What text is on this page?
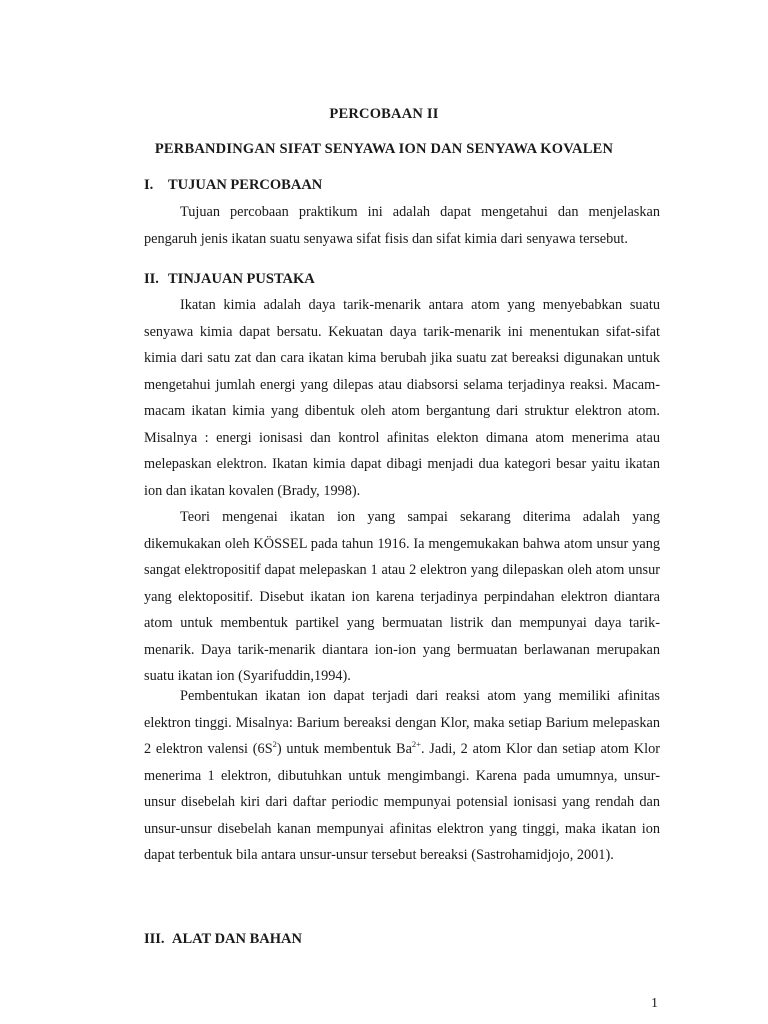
PERCOBAAN II
PERBANDINGAN SIFAT SENYAWA ION DAN SENYAWA KOVALEN
I. TUJUAN PERCOBAAN
Tujuan percobaan praktikum ini adalah dapat mengetahui dan menjelaskan pengaruh jenis ikatan suatu senyawa sifat fisis dan sifat kimia dari senyawa tersebut.
II. TINJAUAN PUSTAKA
Ikatan kimia adalah daya tarik-menarik antara atom yang menyebabkan suatu senyawa kimia dapat bersatu. Kekuatan daya tarik-menarik ini menentukan sifat-sifat kimia dari satu zat dan cara ikatan kima berubah jika suatu zat bereaksi digunakan untuk mengetahui jumlah energi yang dilepas atau diabsorsi selama terjadinya reaksi. Macam-macam ikatan kimia yang dibentuk oleh atom bergantung dari struktur elektron atom. Misalnya : energi ionisasi dan kontrol afinitas elekton dimana atom menerima atau melepaskan elektron. Ikatan kimia dapat dibagi menjadi dua kategori besar yaitu ikatan ion dan ikatan kovalen (Brady, 1998).
Teori mengenai ikatan ion yang sampai sekarang diterima adalah yang dikemukakan oleh KÖSSEL pada tahun 1916. Ia mengemukakan bahwa atom unsur yang sangat elektropositif dapat melepaskan 1 atau 2 elektron yang dilepaskan oleh atom unsur yang elektopositif. Disebut ikatan ion karena terjadinya perpindahan elektron diantara atom untuk membentuk partikel yang bermuatan listrik dan mempunyai daya tarik-menarik. Daya tarik-menarik diantara ion-ion yang bermuatan berlawanan merupakan suatu ikatan ion (Syarifuddin,1994).
Pembentukan ikatan ion dapat terjadi dari reaksi atom yang memiliki afinitas elektron tinggi. Misalnya: Barium bereaksi dengan Klor, maka setiap Barium melepaskan 2 elektron valensi $(6S^2)$ untuk membentuk $Ba^{2+}$. Jadi, 2 atom Klor dan setiap atom Klor menerima 1 elektron, dibutuhkan untuk mengimbangi. Karena pada umumnya, unsur-unsur disebelah kiri dari daftar periodic mempunyai potensial ionisasi yang rendah dan unsur-unsur disebelah kanan mempunyai afinitas elektron yang tinggi, maka ikatan ion dapat terbentuk bila antara unsur-unsur tersebut bereaksi (Sastrohamidjojo, 2001).
III. ALAT DAN BAHAN
1
